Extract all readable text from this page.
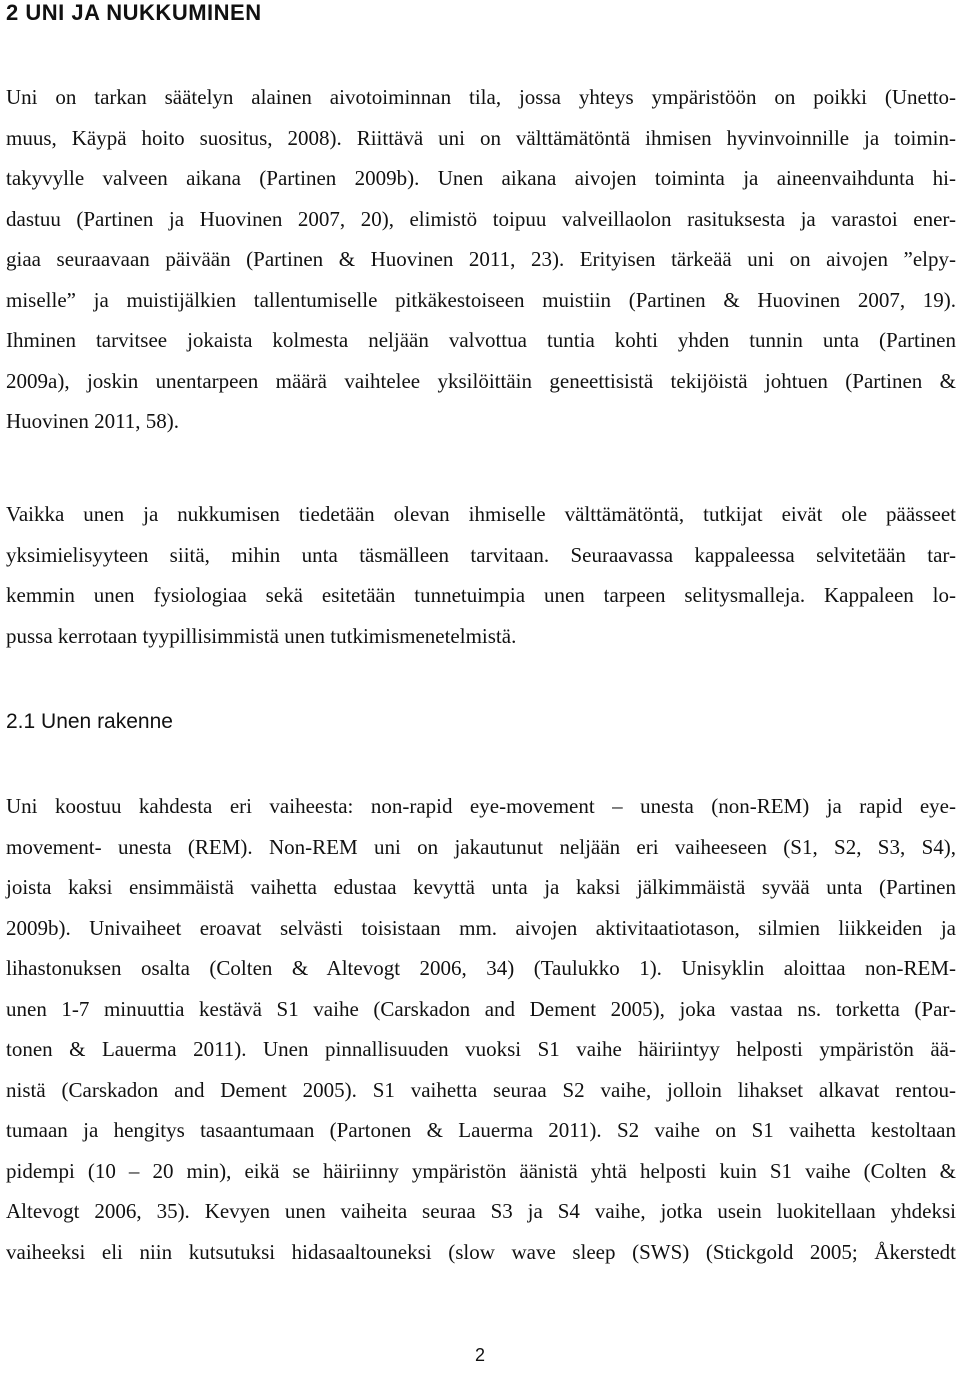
2 UNI JA NUKKUMINEN
Uni on tarkan säätelyn alainen aivotoiminnan tila, jossa yhteys ympäristöön on poikki (Unetto-
muus, Käypä hoito suositus, 2008). Riittävä uni on välttämätöntä ihmisen hyvinvoinnille ja toimin-
takyvylle valveen aikana (Partinen 2009b). Unen aikana aivojen toiminta ja aineenvaihdunta hi-
dastuu (Partinen ja Huovinen 2007, 20), elimistö toipuu valveillaolon rasituksesta ja varastoi ener-
giaa seuraavaan päivään (Partinen & Huovinen 2011, 23). Erityisen tärkeää uni on aivojen ”elpy-
miselle” ja muistijälkien tallentumiselle pitkäkestoiseen muistiin (Partinen & Huovinen 2007, 19).
Ihminen tarvitsee jokaista kolmesta neljään valvottua tuntia kohti yhden tunnin unta (Partinen
2009a), joskin unentarpeen määrä vaihtelee yksilöittäin geneettisistä tekijöistä johtuen (Partinen &
Huovinen 2011, 58).
Vaikka unen ja nukkumisen tiedetään olevan ihmiselle välttämätöntä, tutkijat eivät ole päässeet
yksimielisyyteen siitä, mihin unta täsmälleen tarvitaan. Seuraavassa kappaleessa selvitetään tar-
kemmin unen fysiologiaa sekä esitetään tunnetuimpia unen tarpeen selitysmalleja. Kappaleen lo-
pussa kerrotaan tyypillisimmistä unen tutkimismenetelmistä.
2.1 Unen rakenne
Uni koostuu kahdesta eri vaiheesta: non-rapid eye-movement – unesta (non-REM) ja rapid eye-
movement- unesta (REM). Non-REM uni on jakautunut neljään eri vaiheeseen (S1, S2, S3, S4),
joista kaksi ensimmäistä vaihetta edustaa kevyttä unta ja kaksi jälkimmäistä syvää unta (Partinen
2009b). Univaiheet eroavat selvästi toisistaan mm. aivojen aktivitaatiotason, silmien liikkeiden ja
lihastonuksen osalta (Colten & Altevogt 2006, 34) (Taulukko 1). Unisyklin aloittaa non-REM-
unen 1-7 minuuttia kestävä S1 vaihe (Carskadon and Dement 2005), joka vastaa ns. torketta (Par-
tonen & Lauerma 2011). Unen pinnallisuuden vuoksi S1 vaihe häiriintyy helposti ympäristön ää-
nistä (Carskadon and Dement 2005). S1 vaihetta seuraa S2 vaihe, jolloin lihakset alkavat rentou-
tumaan ja hengitys tasaantumaan (Partonen & Lauerma 2011). S2 vaihe on S1 vaihetta kestoltaan
pidempi (10 – 20 min), eikä se häiriinny ympäristön äänistä yhtä helposti kuin S1 vaihe (Colten &
Altevogt 2006, 35). Kevyen unen vaiheita seuraa S3 ja S4 vaihe, jotka usein luokitellaan yhdeksi
vaiheeksi eli niin kutsutuksi hidasaaltouneksi (slow wave sleep (SWS) (Stickgold 2005; Åkerstedt
2
